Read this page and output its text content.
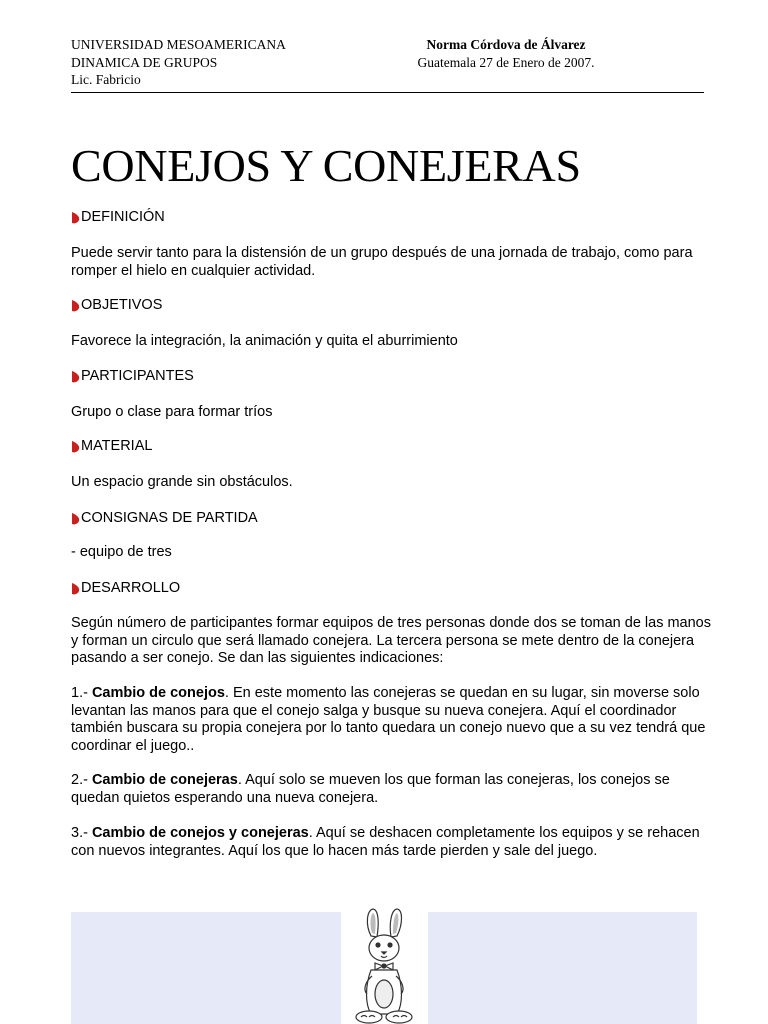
UNIVERSIDAD MESOAMERICANA
DINAMICA DE GRUPOS
Lic. Fabricio
Norma Córdova de Álvarez
Guatemala 27 de Enero de 2007.
CONEJOS Y CONEJERAS
DEFINICIÓN

Puede servir tanto para la distensión de un grupo después de una jornada de trabajo, como para romper el hielo en cualquier actividad.

OBJETIVOS

Favorece la integración, la animación y quita el aburrimiento

PARTICIPANTES

Grupo o clase para formar tríos

MATERIAL

Un espacio grande sin obstáculos.

CONSIGNAS DE PARTIDA

- equipo de tres

DESARROLLO

Según número de participantes formar equipos de tres personas donde dos se toman de las manos y forman un circulo que será llamado conejera. La tercera persona se mete dentro de la conejera pasando a ser conejo. Se dan las siguientes indicaciones:

1.- Cambio de conejos. En este momento las conejeras se quedan en su lugar, sin moverse solo levantan las manos para que el conejo salga y busque su nueva conejera. Aquí el coordinador también buscara su propia conejera por lo tanto quedara un conejo nuevo que a su vez tendrá que coordinar el juego..

2.- Cambio de conejeras. Aquí solo se mueven los que forman las conejeras, los conejos se quedan quietos esperando una nueva conejera.

3.- Cambio de conejos y conejeras. Aquí se deshacen completamente los equipos y se rehacen con nuevos integrantes. Aquí los que lo hacen más tarde pierden y sale del juego.
